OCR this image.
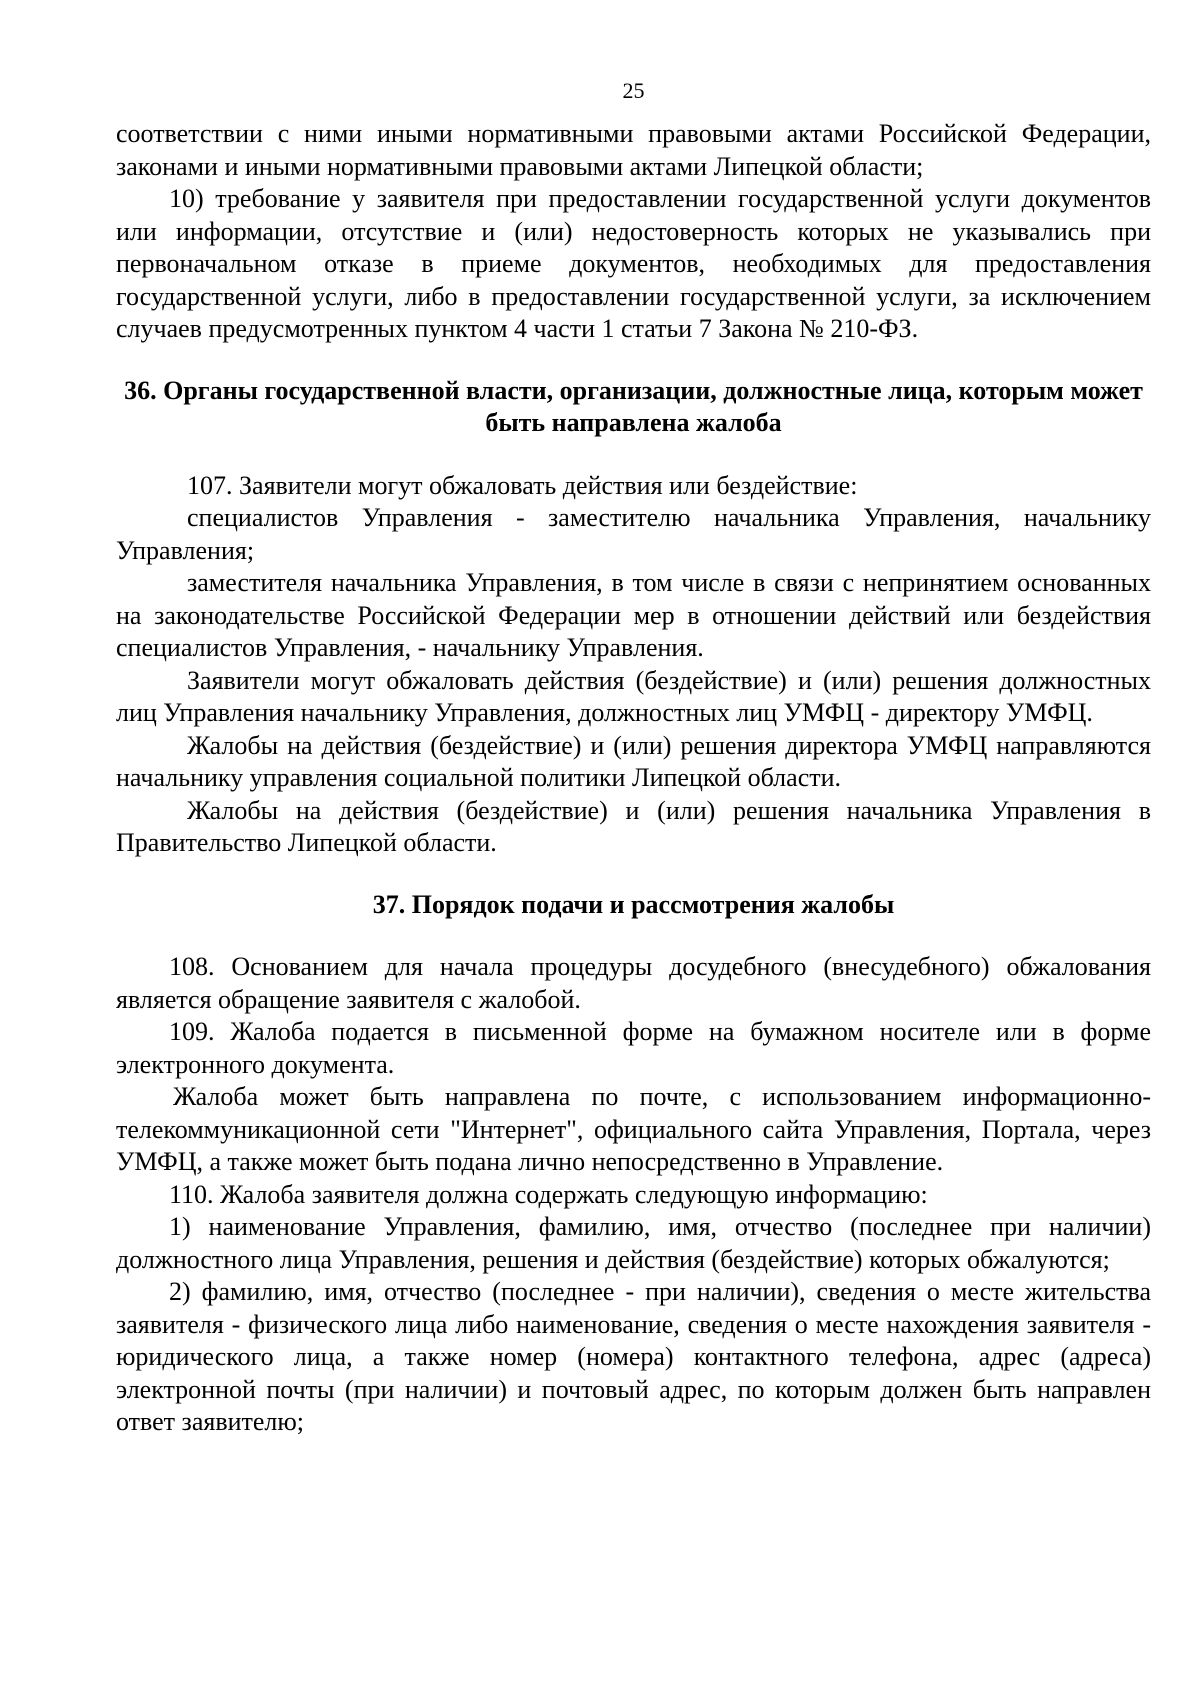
25

соответствии с ними иными нормативными правовыми актами Российской Федерации, законами и иными нормативными правовыми актами Липецкой области;

10) требование у заявителя при предоставлении государственной услуги документов или информации, отсутствие и (или) недостоверность которых не указывались при первоначальном отказе в приеме документов, необходимых для предоставления государственной услуги, либо в предоставлении государственной услуги, за исключением случаев предусмотренных пунктом 4 части 1 статьи 7 Закона № 210-ФЗ.

36. Органы государственной власти, организации, должностные лица, которым может быть направлена жалоба

107. Заявители могут обжаловать действия или бездействие:

специалистов Управления - заместителю начальника Управления, начальнику Управления;

заместителя начальника Управления, в том числе в связи с непринятием основанных на законодательстве Российской Федерации мер в отношении действий или бездействия специалистов Управления, - начальнику Управления.

Заявители могут обжаловать действия (бездействие) и (или) решения должностных лиц Управления начальнику Управления, должностных лиц УМФЦ - директору УМФЦ.

Жалобы на действия (бездействие) и (или) решения директора УМФЦ направляются начальнику управления социальной политики Липецкой области.

Жалобы на действия (бездействие) и (или) решения начальника Управления в Правительство Липецкой области.

37. Порядок подачи и рассмотрения жалобы

108. Основанием для начала процедуры досудебного (внесудебного) обжалования является обращение заявителя с жалобой.

109. Жалоба подается в письменной форме на бумажном носителе или в форме электронного документа.

Жалоба может быть направлена по почте, с использованием информационно-телекоммуникационной сети "Интернет", официального сайта Управления, Портала, через УМФЦ, а также может быть подана лично непосредственно в Управление.

110. Жалоба заявителя должна содержать следующую информацию:

1) наименование Управления, фамилию, имя, отчество (последнее при наличии) должностного лица Управления, решения и действия (бездействие) которых обжалуются;

2) фамилию, имя, отчество (последнее - при наличии), сведения о месте жительства заявителя - физического лица либо наименование, сведения о месте нахождения заявителя - юридического лица, а также номер (номера) контактного телефона, адрес (адреса) электронной почты (при наличии) и почтовый адрес, по которым должен быть направлен ответ заявителю;
